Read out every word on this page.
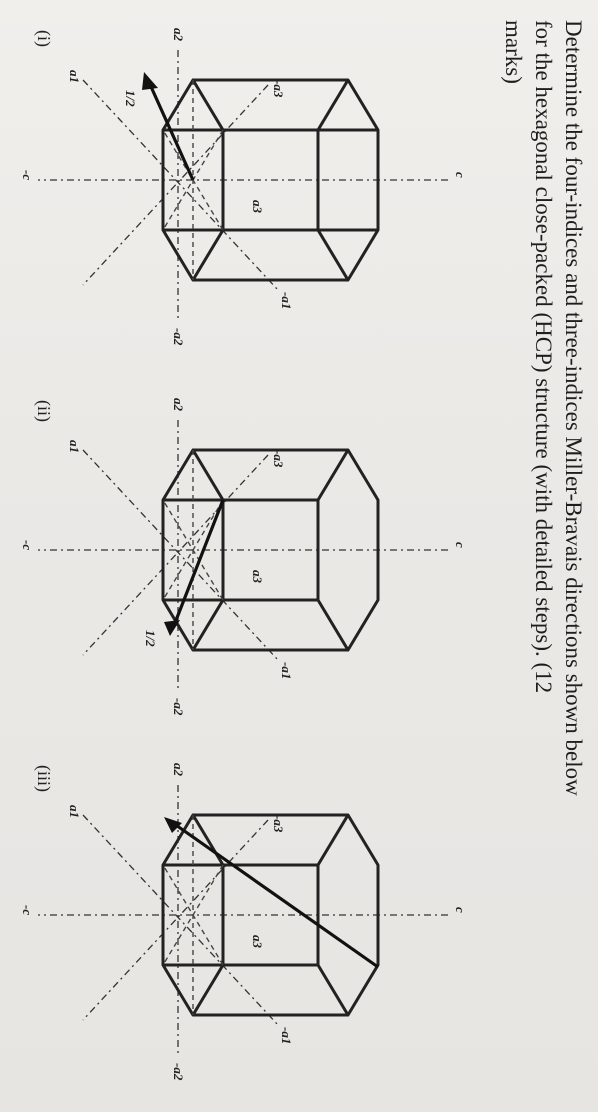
Determine the four-indices and three-indices Miller-Bravais directions shown below
for the hexagonal close-packed (HCP) structure (with detailed steps). (12
marks)
c
-c
-a1
a1
-a2
a2
a3
-a3
1/2
(i)
c
-c
-a1
a1
-a2
a2
a3
-a3
1/2
(ii)
c
-c
-a1
a1
-a2
a2
a3
-a3
(iii)
